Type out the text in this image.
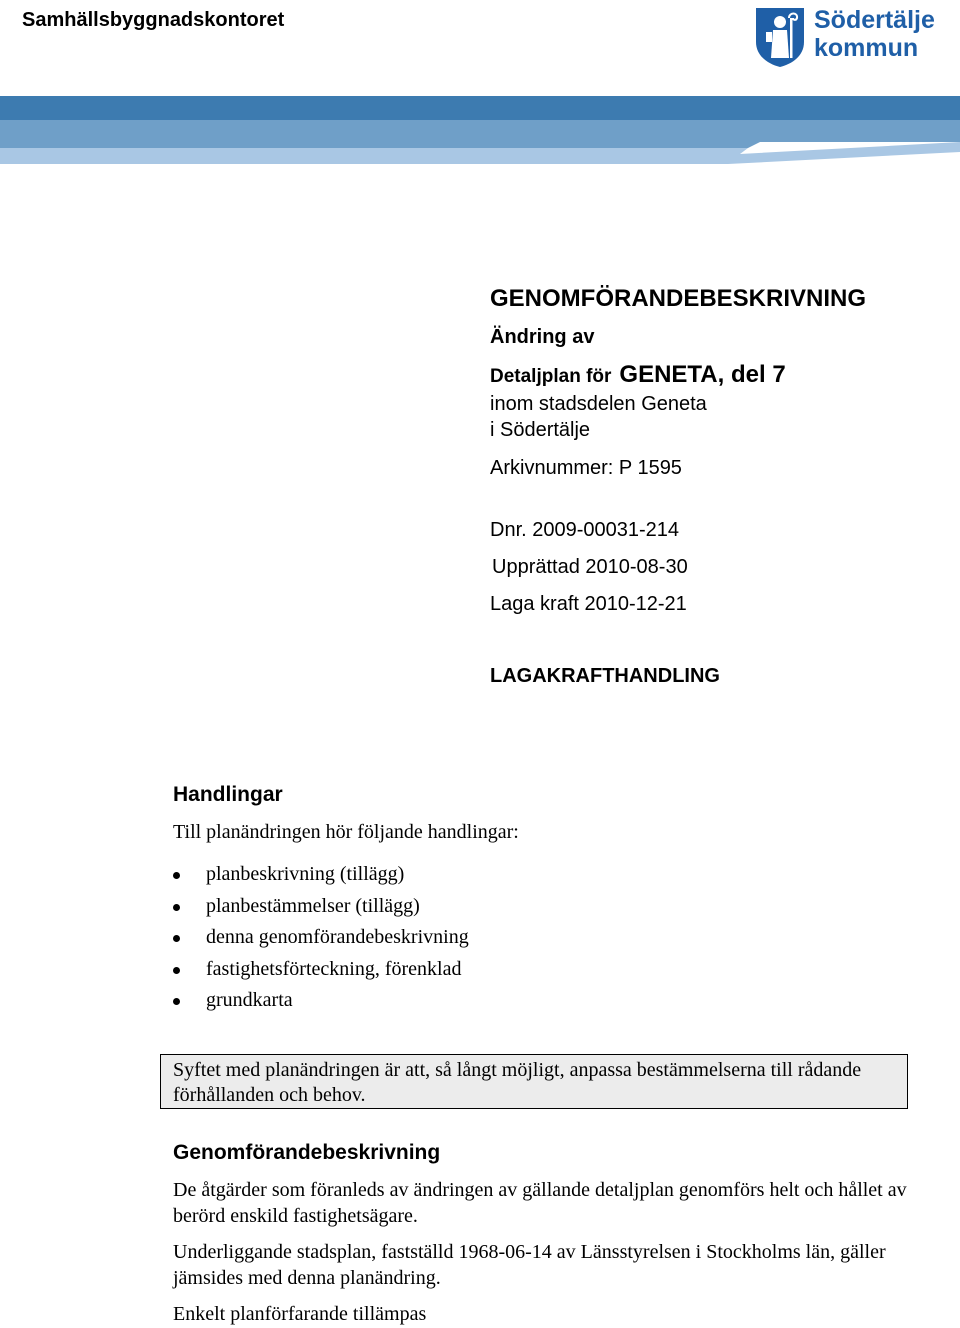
Samhällsbyggnadskontoret	Södertälje
kommun
GENOMFÖRANDEBESKRIVNING
Ändring av
Detaljplan för GENETA, del 7
inom stadsdelen Geneta
i Södertälje
Arkivnummer: P 1595
Dnr. 2009-00031-214
Upprättad 2010-08-30
Laga kraft 2010-12-21
LAGAKRAFTHANDLING
Handlingar
Till planändringen hör följande handlingar:
planbeskrivning (tillägg)
planbestämmelser (tillägg)
denna genomförandebeskrivning
fastighetsförteckning, förenklad
grundkarta
Syftet med planändringen är att, så långt möjligt, anpassa bestämmelserna till rådande förhållanden och behov.
Genomförandebeskrivning
De åtgärder som föranleds av ändringen av gällande detaljplan genomförs helt och hållet av berörd enskild fastighetsägare.
Underliggande stadsplan, fastställd 1968-06-14 av Länsstyrelsen i Stockholms län, gäller jämsides med denna planändring.
Enkelt planförfarande tillämpas
